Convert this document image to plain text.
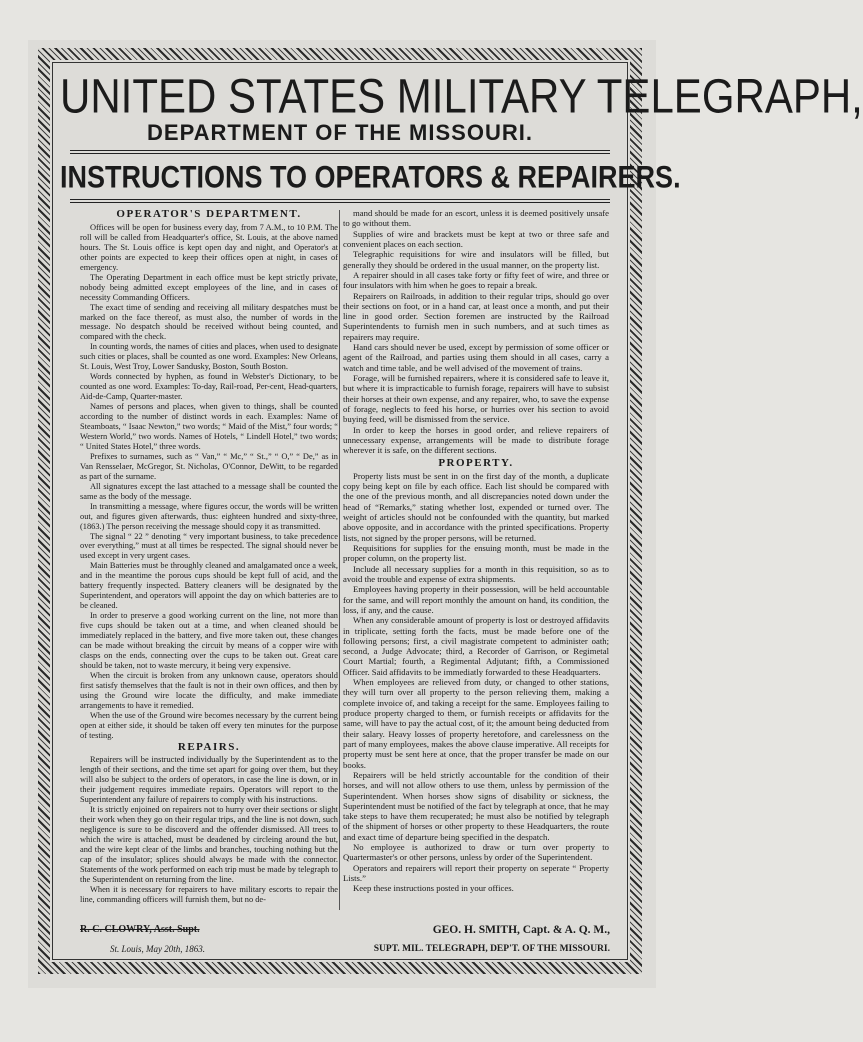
UNITED STATES MILITARY TELEGRAPH,
DEPARTMENT OF THE MISSOURI.
INSTRUCTIONS TO OPERATORS & REPAIRERS.
OPERATOR'S DEPARTMENT.

Offices will be open for business every day, from 7 A.M., to 10 P.M. The roll will be called from Headquarter's office, St. Louis, at the above named hours. The St. Louis office is kept open day and night, and Operator's at other points are expected to keep their offices open at night, in cases of emergency.

The Operating Department in each office must be kept strictly private, nobody being admitted except employees of the line, and in cases of necessity Commanding Officers.

The exact time of sending and receiving all military despatches must be marked on the face thereof, as must also, the number of words in the message. No despatch should be received without being counted, and compared with the check.

In counting words, the names of cities and places, when used to designate such cities or places, shall be counted as one word. Examples: New Orleans, St. Louis, West Troy, Lower Sandusky, Boston, South Boston.

Words connected by hyphen, as found in Webster's Dictionary, to be counted as one word. Examples: To-day, Rail-road, Per-cent, Head-quarters, Aid-de-Camp, Quarter-master.

Names of persons and places, when given to things, shall be counted according to the number of distinct words in each. Examples: Name of Steamboats, “ Isaac Newton,” two words; “ Maid of the Mist,” four words; “ Western World,” two words. Names of Hotels, “ Lindell Hotel,” two words; “ United States Hotel,” three words.

Prefixes to surnames, such as “ Van,” “ Mc,” “ St.,” “ O,” “ De,” as in Van Rensselaer, McGregor, St. Nicholas, O'Connor, DeWitt, to be regarded as part of the surname.

All signatures except the last attached to a message shall be counted the same as the body of the message.

In transmitting a message, where figures occur, the words will be written out, and figures given afterwards, thus: eighteen hundred and sixty-three, (1863.) The person receiving the message should copy it as transmitted.

The signal “ 22 ” denoting “ very important business, to take precedence over everything,” must at all times be respected. The signal should never be used except in very urgent cases.

Main Batteries must be throughly cleaned and amalgamated once a week, and in the meantime the porous cups should be kept full of acid, and the battery frequently inspected. Battery cleaners will be designated by the Superintendent, and operators will appoint the day on which batteries are to be cleaned.

In order to preserve a good working current on the line, not more than five cups should be taken out at a time, and when cleaned should be immediately replaced in the battery, and five more taken out, these changes can be made without breaking the circuit by means of a copper wire with clasps on the ends, connecting over the cups to be taken out. Great care should be taken, not to waste mercury, it being very expensive.

When the circuit is broken from any unknown cause, operators should first satisfy themselves that the fault is not in their own offices, and then by using the Ground wire locate the difficulty, and make immediate arrangements to have it remedied.

When the use of the Ground wire becomes necessary by the current being open at either side, it should be taken off every ten minutes for the purpose of testing.

REPAIRS.

Repairers will be instructed individually by the Superintendent as to the length of their sections, and the time set apart for going over them, but they will also be subject to the orders of operators, in case the line is down, or in their judgement requires immediate repairs. Operators will report to the Superintendent any failure of repairers to comply with his instructions.

It is strictly enjoined on repairers not to hurry over their sections or slight their work when they go on their regular trips, and the line is not down, such negligence is sure to be discoverd and the offender dismissed. All trees to which the wire is attached, must be deadened by circleing around the but, and the wire kept clear of the limbs and branches, touching nothing but the cap of the insulator; splices should always be made with the connector. Statements of the work performed on each trip must be made by telegraph to the Superintendent on returning from the line.

When it is necessary for repairers to have military escorts to repair the line, commanding officers will furnish them, but no de-

mand should be made for an escort, unless it is deemed positively unsafe to go without them.

Supplies of wire and brackets must be kept at two or three safe and convenient places on each section.

Telegraphic requisitions for wire and insulators will be filled, but generally they should be ordered in the usual manner, on the property list.

A repairer should in all cases take forty or fifty feet of wire, and three or four insulators with him when he goes to repair a break.

Repairers on Railroads, in addition to their regular trips, should go over their sections on foot, or in a hand car, at least once a month, and put their line in good order. Section foremen are instructed by the Railroad Superintendents to furnish men in such numbers, and at such times as repairers may require.

Hand cars should never be used, except by permission of some officer or agent of the Railroad, and parties using them should in all cases, carry a watch and time table, and be well advised of the movement of trains.

Forage, will be furnished repairers, where it is considered safe to leave it, but where it is impracticable to furnish forage, repairers will have to subsist their horses at their own expense, and any repairer, who, to save the expense of forage, neglects to feed his horse, or hurries over his section to avoid buying feed, will be dismissed from the service.

In order to keep the horses in good order, and relieve repairers of unnecessary expense, arrangements will be made to distribute forage wherever it is safe, on the different sections.

PROPERTY.

Property lists must be sent in on the first day of the month, a duplicate copy being kept on file by each office. Each list should be compared with the one of the previous month, and all discrepancies noted down under the head of “Remarks,” stating whether lost, expended or turned over. The weight of articles should not be confounded with the quantity, but marked above opposite, and in accordance with the printed specifications. Property lists, not signed by the proper persons, will be returned.

Requisitions for supplies for the ensuing month, must be made in the proper column, on the property list.

Include all necessary supplies for a month in this requisition, so as to avoid the trouble and expense of extra shipments.

Employees having property in their possession, will be held accountable for the same, and will report monthly the amount on hand, its condition, the loss, if any, and the cause.

When any considerable amount of property is lost or destroyed affidavits in triplicate, setting forth the facts, must be made before one of the following persons; first, a civil magistrate competent to administer oath; second, a Judge Advocate; third, a Recorder of Garrison, or Regimetal Court Martial; fourth, a Regimental Adjutant; fifth, a Commissioned Officer. Said affidavits to be immediatly forwarded to these Headquarters.

When employees are relieved from duty, or changed to other stations, they will turn over all property to the person relieving them, making a complete invoice of, and taking a receipt for the same. Employees failing to produce property charged to them, or furnish receipts or affidavits for the same, will have to pay the actual cost, of it; the amount being deducted from their salary. Heavy losses of property heretofore, and carelessness on the part of many employees, makes the above clause imperative. All receipts for property must be sent here at once, that the proper transfer be made on our books.

Repairers will be held strictly accountable for the condition of their horses, and will not allow others to use them, unless by permission of the Superintendent. When horses show signs of disability or sickness, the Superintendent must be notified of the fact by telegraph at once, that he may take steps to have them recuperated; he must also be notified by telegraph of the shipment of horses or other property to these Headquarters, the route and exact time of departure being specified in the despatch.

No employee is authorized to draw or turn over property to Quartermaster's or other persons, unless by order of the Superintendent.

Operators and repairers will report their property on seperate “ Property Lists.”

Keep these instructions posted in your offices.

R. C. CLOWRY, Asst. Supt.	GEO. H. SMITH, Capt. & A. Q. M.,
St. Louis, May 20th, 1863.	SUPT. MIL. TELEGRAPH, DEP'T. OF THE MISSOURI.
